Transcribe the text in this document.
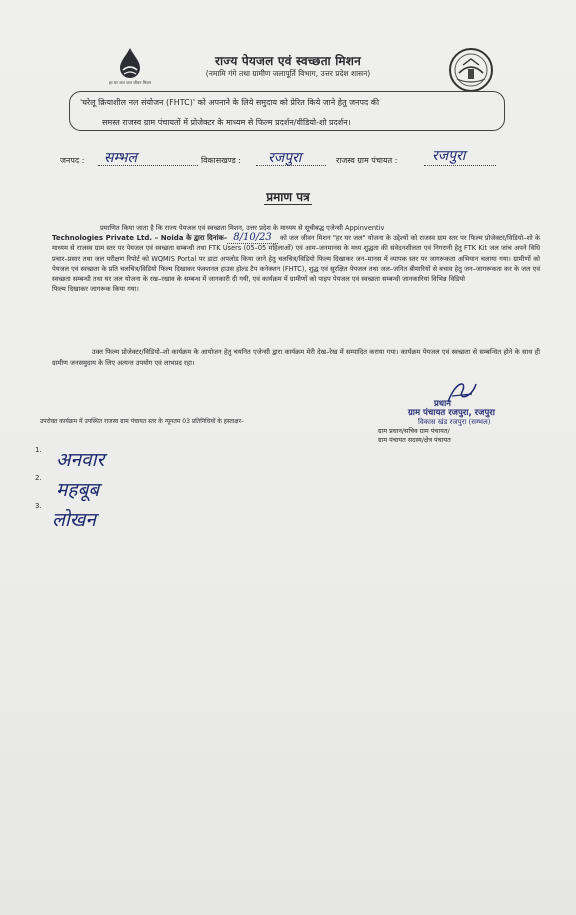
हर घर जल जल जीवन मिशन
राज्य पेयजल एवं स्वच्छता मिशन
(नमामि गंगे तथा ग्रामीण जलापूर्ति विभाग, उत्तर प्रदेश शासन)
'घरेलू क्रियाशील नल संयोजन (FHTC)' को अपनाने के लिये समुदाय को प्रेरित किये जाने हेतु जनपद की
समस्त राजस्व ग्राम पंचायतों में प्रोजेक्टर के माध्यम से फिल्म प्रदर्शन/वीडियो-शो प्रदर्शन।
जनपद : सम्भल	विकासखण्ड : रजपुरा	राजस्व ग्राम पंचायत : रजपुरा
प्रमाण पत्र
प्रमाणित किया जाता है कि राज्य पेयजल एवं स्वच्छता मिशन, उत्तर प्रदेश के माध्यम से सूचीबद्ध एजेन्सी Appinventiv
Technologies Private Ltd. – Noida के द्वारा दिनांक– 8/10/23 को जल जीवन मिशन "हर घर जल" योजना के उद्देश्यों को राजस्व ग्राम स्तर पर फिल्म प्रोजेक्टर/विडियो–शो के माध्यम से राजस्व ग्राम स्तर पर पेयजल एवं स्वच्छता सम्बन्धी तथा FTK Users (05–05 महिलाओं) एवं आम–जनमानस के मध्य शुद्धता की संवेदनशीलता एवं निगरानी हेतु FTK Kit जल जांच अपने विधि प्रचार–प्रसार तथा जल परीक्षण रिपोर्ट को WQMIS Portal पर डाटा अपलोड किया जाने हेतु चलचित्र/विडियो फिल्म दिखाकर जन–मानस में व्यापक स्तर पर जागरूकता अभियान चलाया गया। ग्रामीणों को पेयजल एवं स्वच्छता के प्रति चलचित्र/विडियो फिल्म दिखाकर फंक्शनल हाउस होल्ड टैप कनेक्शन (FHTC), शुद्ध एवं सुरक्षित पेयजल तथा जल–जनित बीमारियों से बचाव हेतु जन–जागरूकता कर के जल एवं स्वच्छता सम्बन्धी तथा घर जल योजना के रख–रखाव के सम्बन्ध में जानकारी दी गयी, एवं कार्यक्रम में ग्रामीणों को पाइप पेयजल एवं स्वच्छता सम्बन्धी जानकारियां विभिन्न विडियो
फिल्म दिखाकर जागरूक किया गया।
उक्त फिल्म प्रोजेक्टर/विडियो–शो कार्यक्रम के आयोजन हेतु चयनित एजेन्सी द्वारा कार्यक्रम मेरी देख–रेख में सम्पादित कराया गया। कार्यक्रम पेयजल एवं स्वच्छता से सम्बन्धित होने के साथ ही ग्रामीण जनसमुदाय के लिए अत्यन्त उपयोग एवं लाभप्रद रहा।
उपरोक्त कार्यक्रम में उपस्थित राजस्व ग्राम पंचायत स्तर के न्यूनतम 03 प्रतिनिधियों के हस्ताक्षर–
1. अनवार
2.
महबूब
3.
लोखन
प्रधान
ग्राम पंचायत रजपुरा, रजपुरा
विकास खंड रजपुरा (सम्भल)
ग्राम प्रधान/सचिव ग्राम पंचायत/
ग्राम पंचायत सदस्य/क्षेत्र पंचायत
